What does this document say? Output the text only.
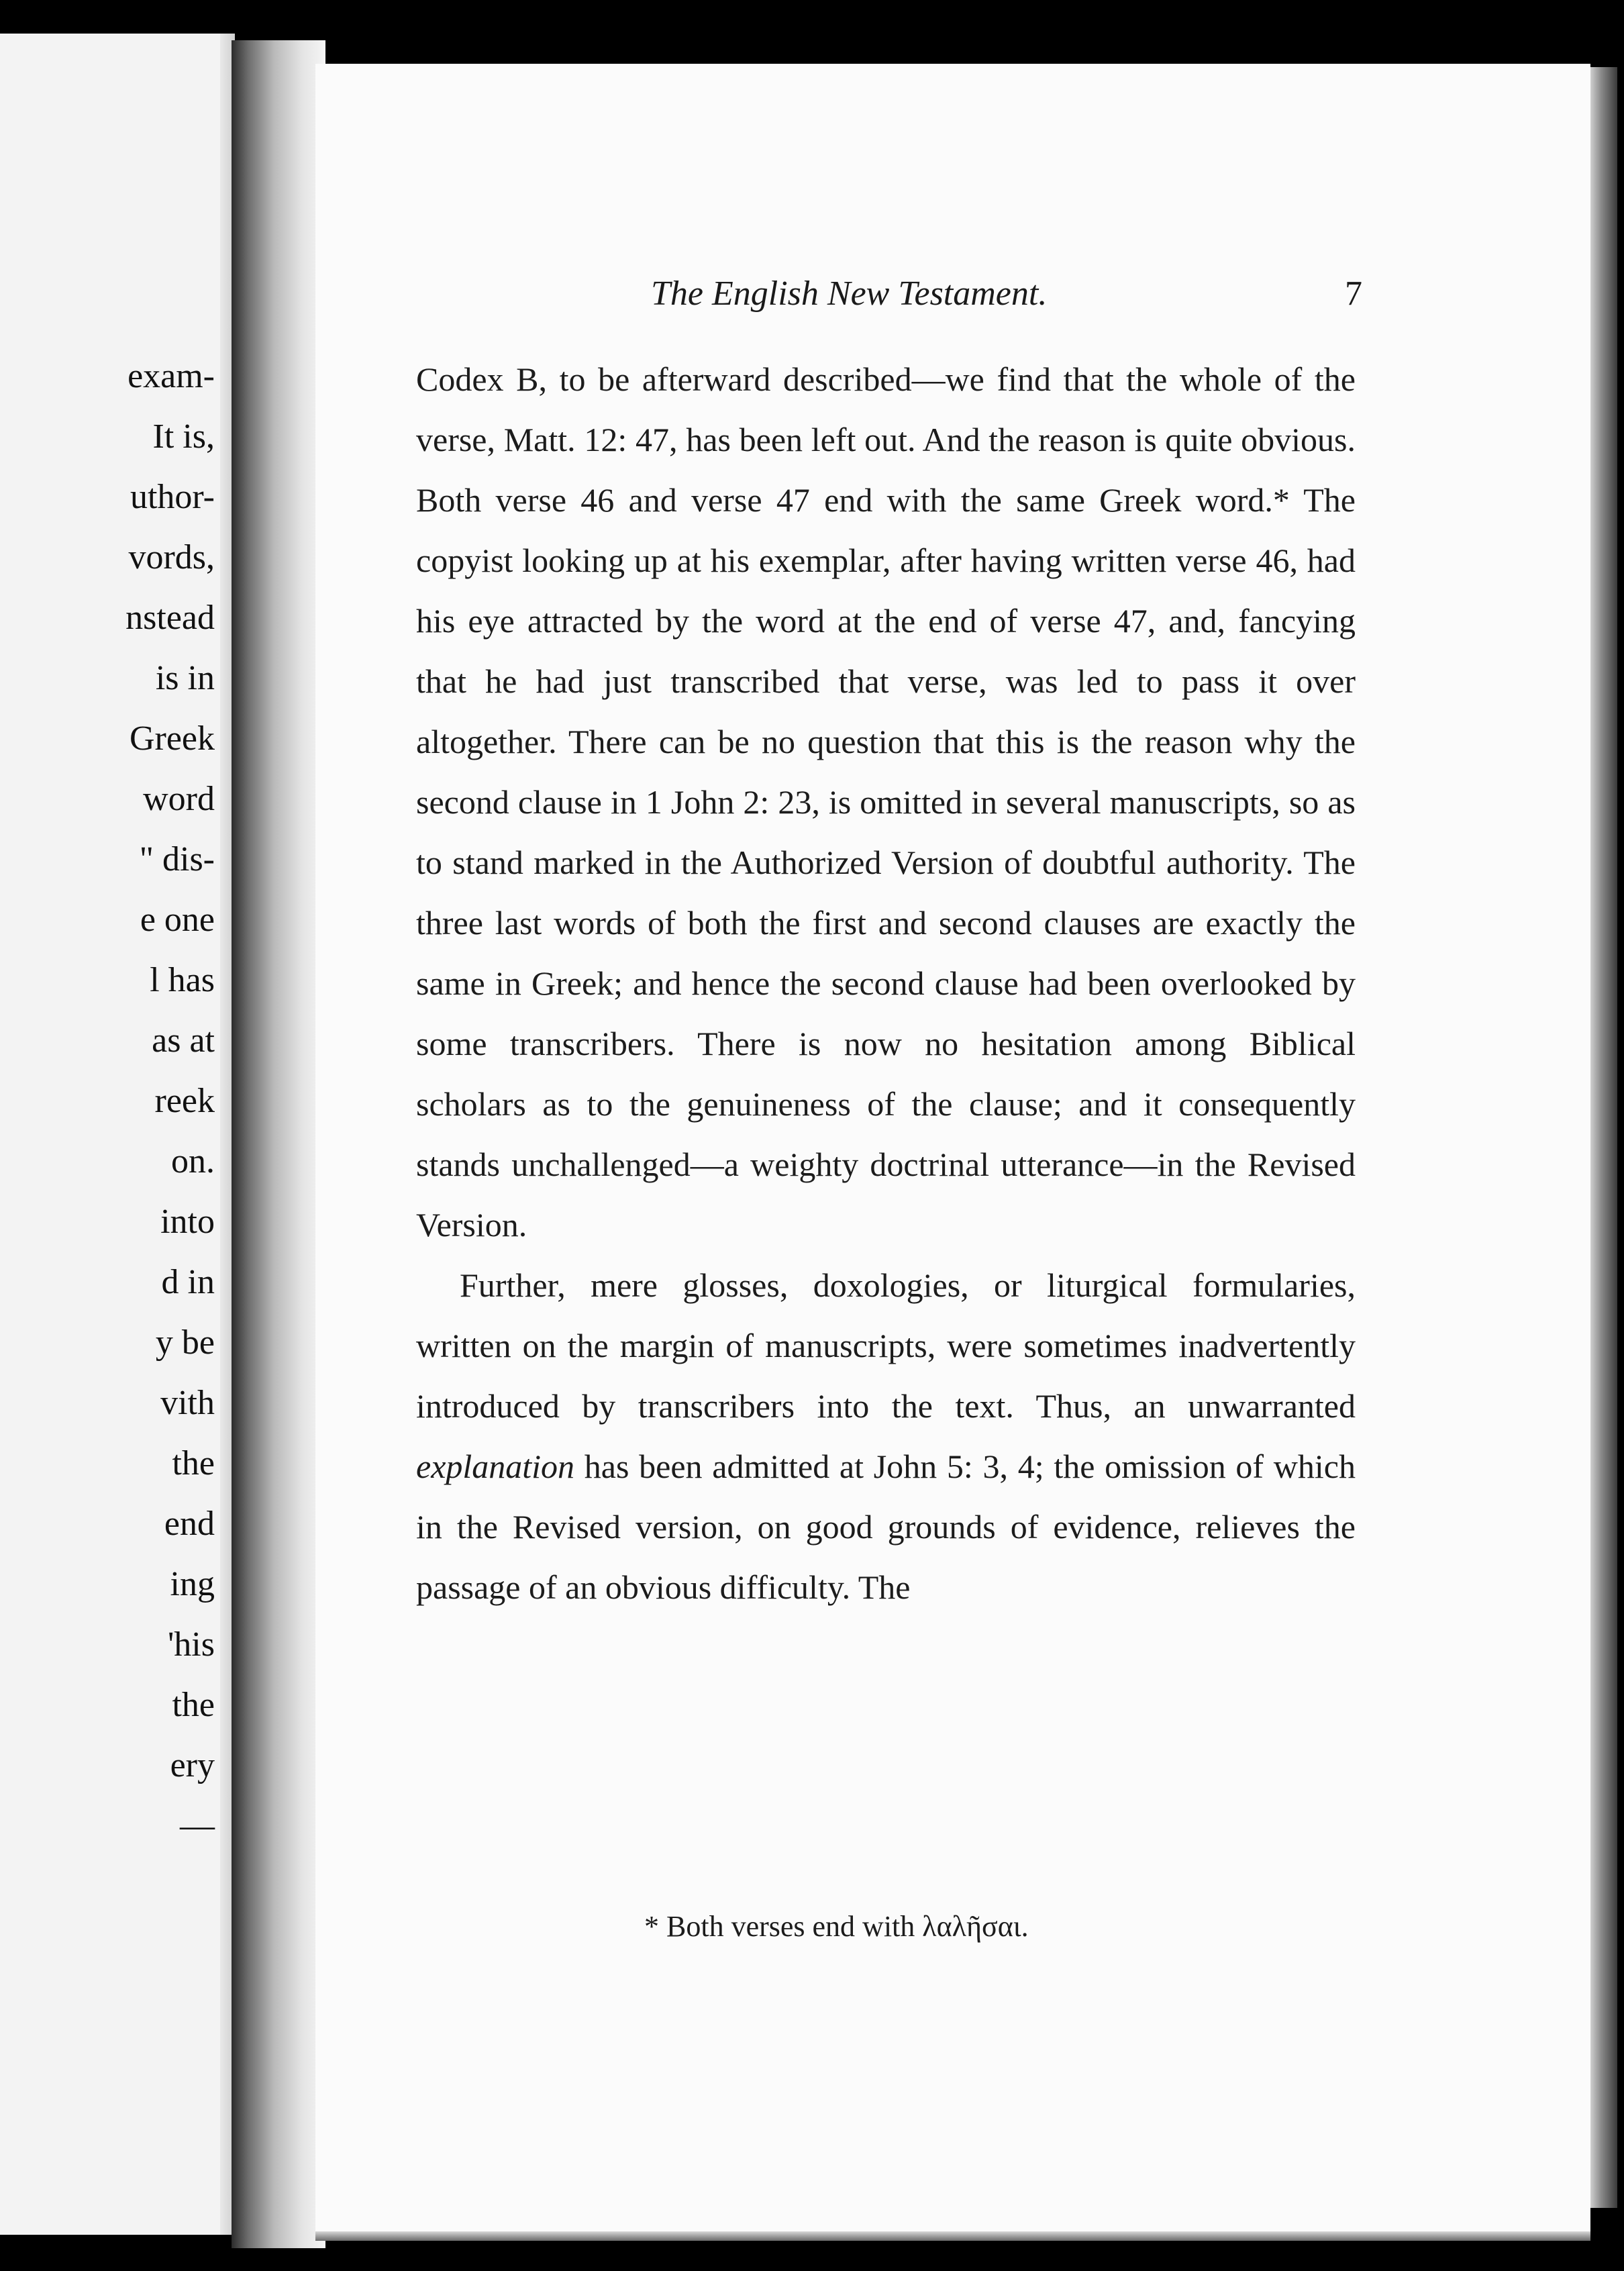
exam-
It is,
uthor-
vords,
nstead
is in
Greek
word
" dis-
e one
l has
as at
reek
on.
into
d in
y be
vith
the
end
ing
'his
the
ery
—
The English New Testament.	7

Codex B, to be afterward described—we find that the whole of the verse, Matt. 12: 47, has been left out. And the reason is quite obvious. Both verse 46 and verse 47 end with the same Greek word.* The copyist looking up at his exemplar, after having written verse 46, had his eye attracted by the word at the end of verse 47, and, fancying that he had just transcribed that verse, was led to pass it over altogether. There can be no question that this is the reason why the second clause in 1 John 2: 23, is omitted in several manuscripts, so as to stand marked in the Authorized Version of doubtful authority. The three last words of both the first and second clauses are exactly the same in Greek; and hence the second clause had been overlooked by some transcribers. There is now no hesitation among Biblical scholars as to the genuineness of the clause; and it consequently stands unchallenged—a weighty doctrinal utterance—in the Revised Version.

Further, mere glosses, doxologies, or liturgical formularies, written on the margin of manuscripts, were sometimes inadvertently introduced by transcribers into the text. Thus, an unwarranted explanation has been admitted at John 5: 3, 4; the omission of which in the Revised version, on good grounds of evidence, relieves the passage of an obvious difficulty. The

* Both verses end with λαλῆσαι.
